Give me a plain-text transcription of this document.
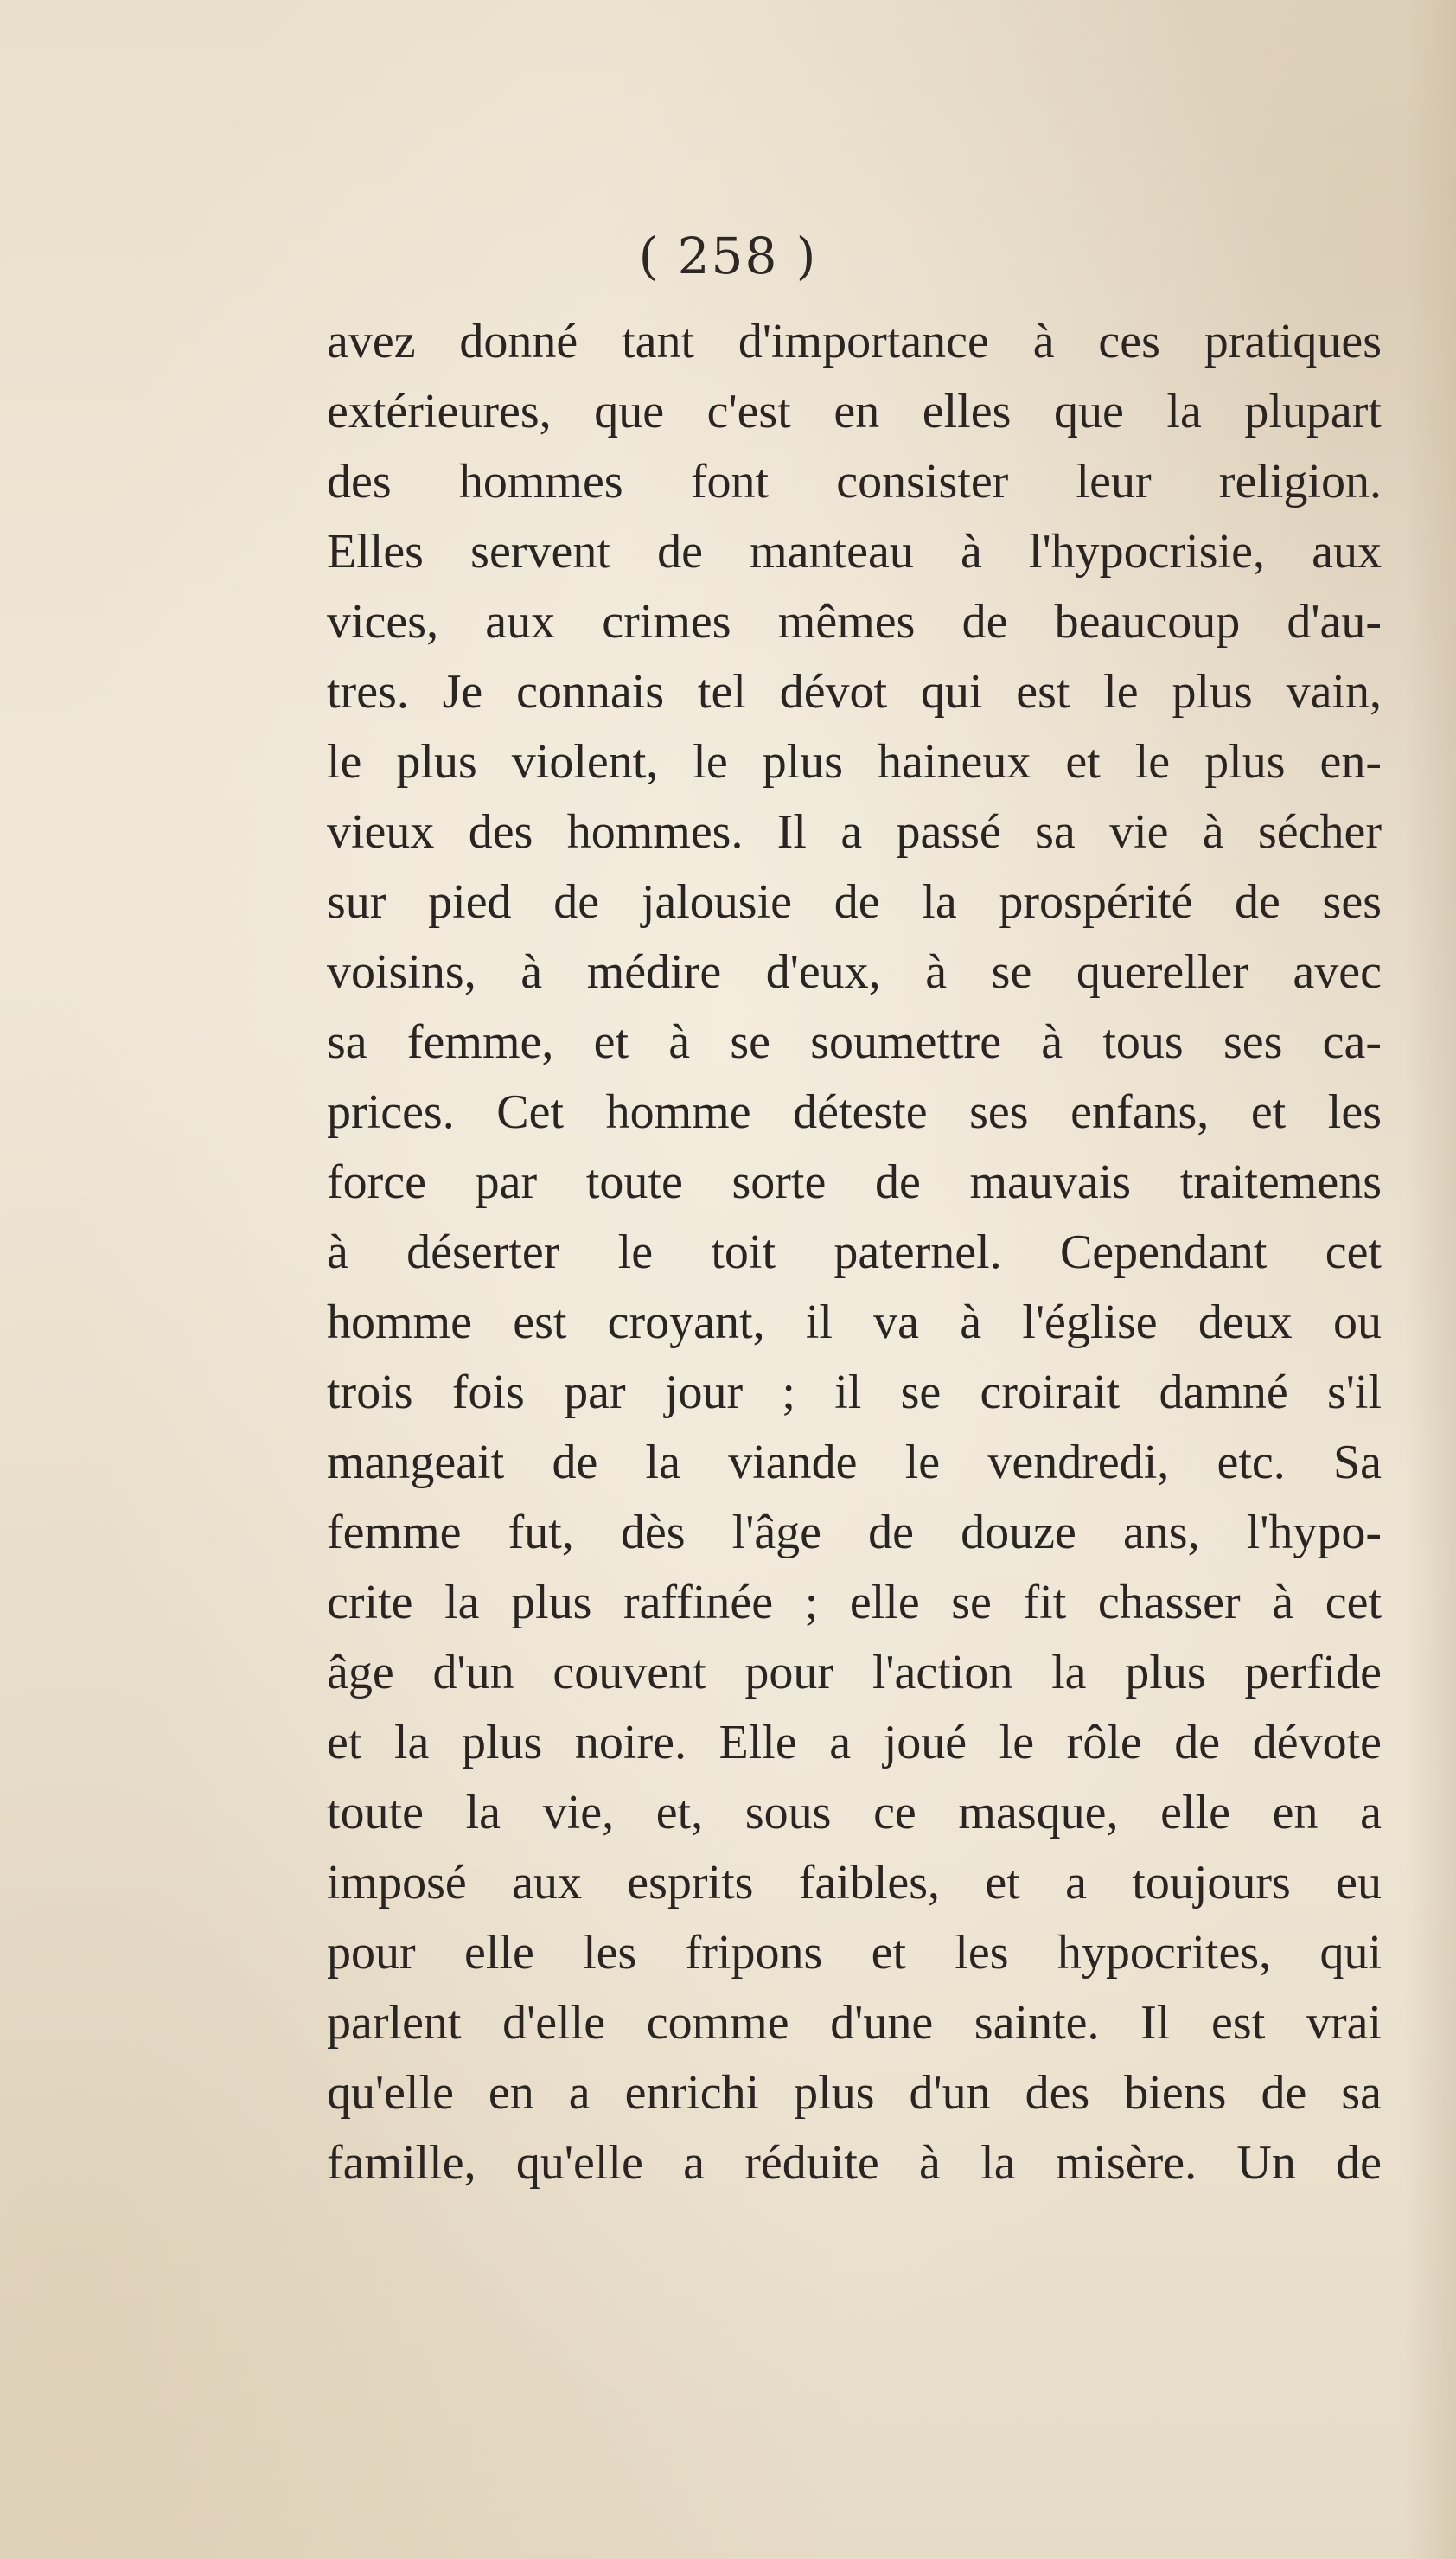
( 258 )
avez donné tant d'importance à ces pratiques
extérieures, que c'est en elles que la plupart
des hommes font consister leur religion.
Elles servent de manteau à l'hypocrisie, aux
vices, aux crimes mêmes de beaucoup d'au-
tres. Je connais tel dévot qui est le plus vain,
le plus violent, le plus haineux et le plus en-
vieux des hommes. Il a passé sa vie à sécher
sur pied de jalousie de la prospérité de ses
voisins, à médire d'eux, à se quereller avec
sa femme, et à se soumettre à tous ses ca-
prices. Cet homme déteste ses enfans, et les
force par toute sorte de mauvais traitemens
à déserter le toit paternel. Cependant cet
homme est croyant, il va à l'église deux ou
trois fois par jour ; il se croirait damné s'il
mangeait de la viande le vendredi, etc. Sa
femme fut, dès l'âge de douze ans, l'hypo-
crite la plus raffinée ; elle se fit chasser à cet
âge d'un couvent pour l'action la plus perfide
et la plus noire. Elle a joué le rôle de dévote
toute la vie, et, sous ce masque, elle en a
imposé aux esprits faibles, et a toujours eu
pour elle les fripons et les hypocrites, qui
parlent d'elle comme d'une sainte. Il est vrai
qu'elle en a enrichi plus d'un des biens de sa
famille, qu'elle a réduite à la misère. Un de
